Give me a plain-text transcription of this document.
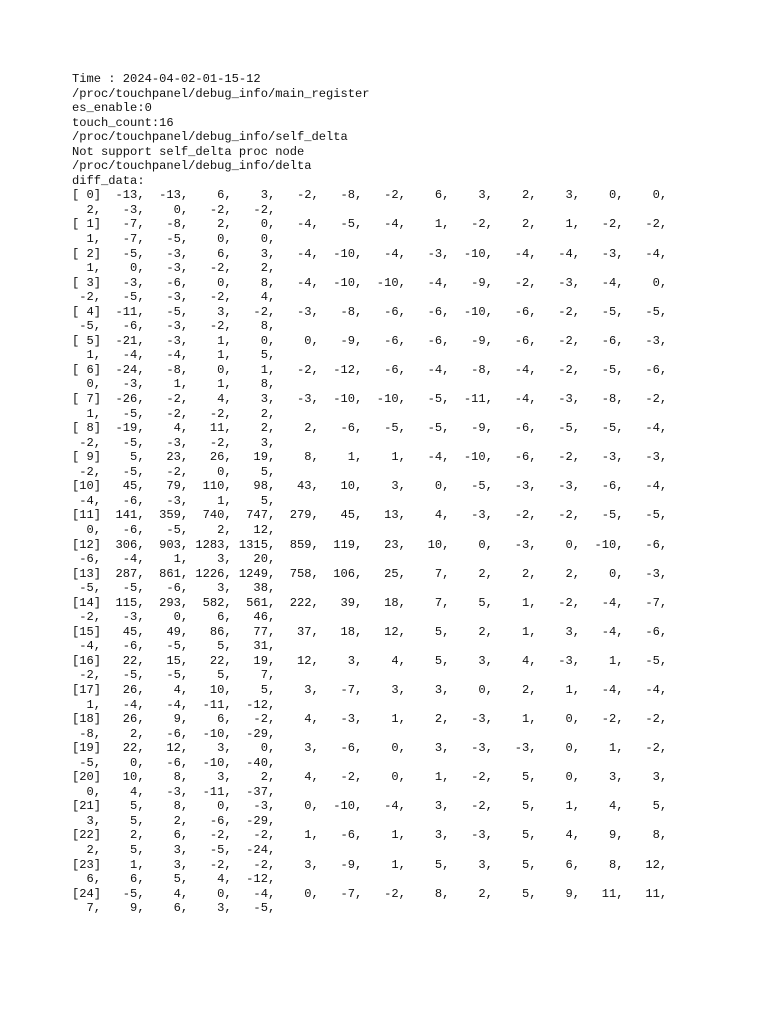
Time : 2024-04-02-01-15-12
/proc/touchpanel/debug_info/main_register
es_enable:0
touch_count:16
/proc/touchpanel/debug_info/self_delta
Not support self_delta proc node
/proc/touchpanel/debug_info/delta
diff_data:
[ 0]  -13,  -13,    6,    3,   -2,   -8,   -2,    6,    3,    2,    3,    0,    0,
2,   -3,    0,   -2,   -2,
[ 1]   -7,   -8,    2,    0,   -4,   -5,   -4,    1,   -2,    2,    1,   -2,   -2,
1,   -7,   -5,    0,    0,
[ 2]   -5,   -3,    6,    3,   -4,  -10,   -4,   -3,  -10,   -4,   -4,   -3,   -4,
1,    0,   -3,   -2,    2,
[ 3]   -3,   -6,    0,    8,   -4,  -10,  -10,   -4,   -9,   -2,   -3,   -4,    0,
-2,   -5,   -3,   -2,    4,
[ 4]  -11,   -5,    3,   -2,   -3,   -8,   -6,   -6,  -10,   -6,   -2,   -5,   -5,
-5,   -6,   -3,   -2,    8,
[ 5]  -21,   -3,    1,    0,    0,   -9,   -6,   -6,   -9,   -6,   -2,   -6,   -3,
1,   -4,   -4,    1,    5,
[ 6]  -24,   -8,    0,    1,   -2,  -12,   -6,   -4,   -8,   -4,   -2,   -5,   -6,
0,   -3,    1,    1,    8,
[ 7]  -26,   -2,    4,    3,   -3,  -10,  -10,   -5,  -11,   -4,   -3,   -8,   -2,
1,   -5,   -2,   -2,    2,
[ 8]  -19,    4,   11,    2,    2,   -6,   -5,   -5,   -9,   -6,   -5,   -5,   -4,
-2,   -5,   -3,   -2,    3,
[ 9]    5,   23,   26,   19,    8,    1,    1,   -4,  -10,   -6,   -2,   -3,   -3,
-2,   -5,   -2,    0,    5,
[10]   45,   79,  110,   98,   43,   10,    3,    0,   -5,   -3,   -3,   -6,   -4,
-4,   -6,   -3,    1,    5,
[11]  141,  359,  740,  747,  279,   45,   13,    4,   -3,   -2,   -2,   -5,   -5,
0,   -6,   -5,    2,   12,
[12]  306,  903, 1283, 1315,  859,  119,   23,   10,    0,   -3,    0,  -10,   -6,
-6,   -4,    1,    3,   20,
[13]  287,  861, 1226, 1249,  758,  106,   25,    7,    2,    2,    2,    0,   -3,
-5,   -5,   -6,    3,   38,
[14]  115,  293,  582,  561,  222,   39,   18,    7,    5,    1,   -2,   -4,   -7,
-2,   -3,    0,    6,   46,
[15]   45,   49,   86,   77,   37,   18,   12,    5,    2,    1,    3,   -4,   -6,
-4,   -6,   -5,    5,   31,
[16]   22,   15,   22,   19,   12,    3,    4,    5,    3,    4,   -3,    1,   -5,
-2,   -5,   -5,    5,    7,
[17]   26,    4,   10,    5,    3,   -7,    3,    3,    0,    2,    1,   -4,   -4,
1,   -4,   -4,  -11,  -12,
[18]   26,    9,    6,   -2,    4,   -3,    1,    2,   -3,    1,    0,   -2,   -2,
-8,    2,   -6,  -10,  -29,
[19]   22,   12,    3,    0,    3,   -6,    0,    3,   -3,   -3,    0,    1,   -2,
-5,    0,   -6,  -10,  -40,
[20]   10,    8,    3,    2,    4,   -2,    0,    1,   -2,    5,    0,    3,    3,
0,    4,   -3,  -11,  -37,
[21]    5,    8,    0,   -3,    0,  -10,   -4,    3,   -2,    5,    1,    4,    5,
3,    5,    2,   -6,  -29,
[22]    2,    6,   -2,   -2,    1,   -6,    1,    3,   -3,    5,    4,    9,    8,
2,    5,    3,   -5,  -24,
[23]    1,    3,   -2,   -2,    3,   -9,    1,    5,    3,    5,    6,    8,   12,
6,    6,    5,    4,  -12,
[24]   -5,    4,    0,   -4,    0,   -7,   -2,    8,    2,    5,    9,   11,   11,
7,    9,    6,    3,   -5,
